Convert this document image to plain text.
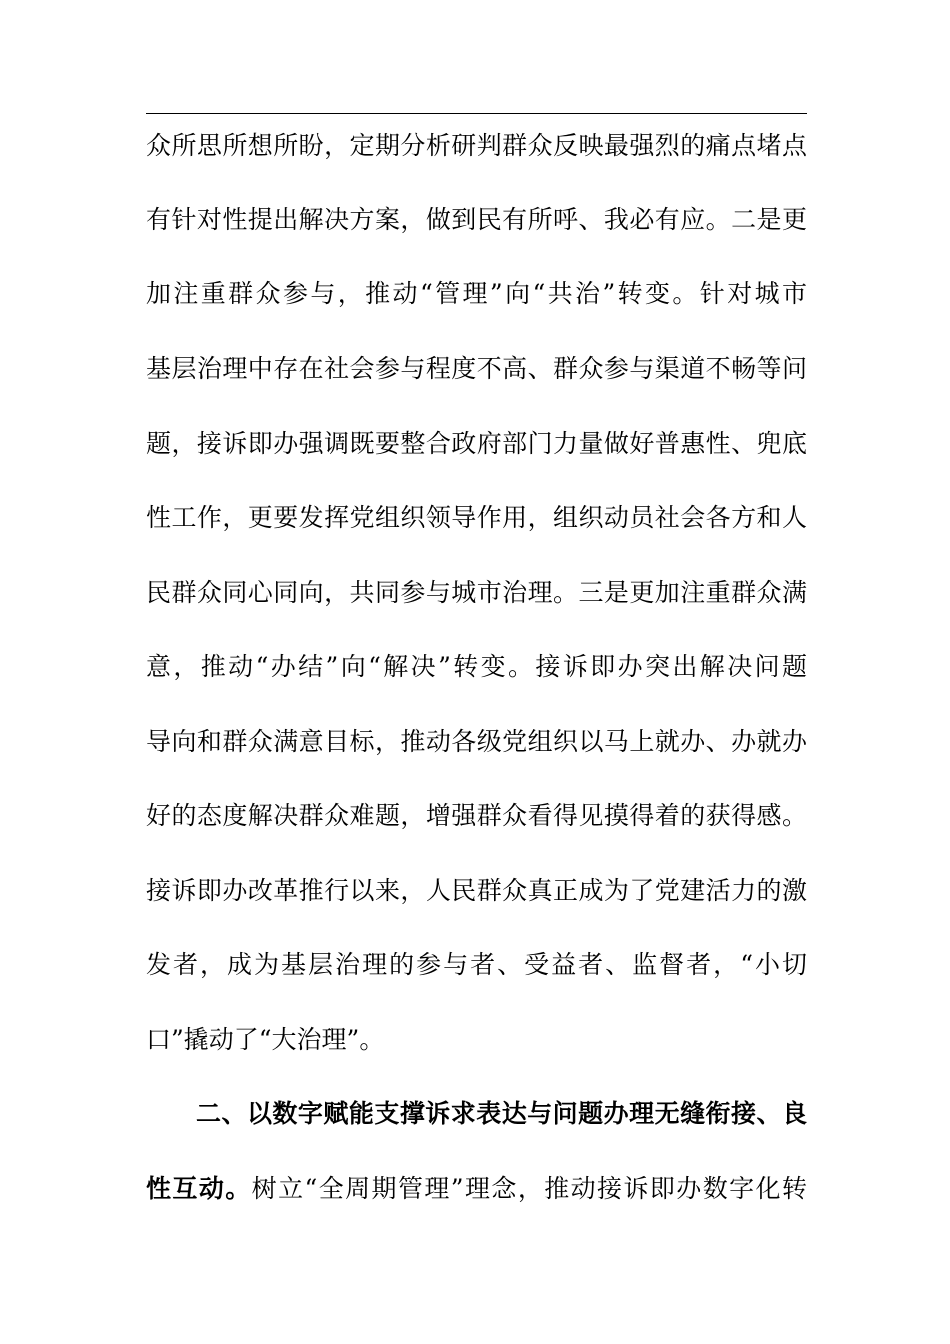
众所思所想所盼，定期分析研判群众反映最强烈的痛点堵点
有针对性提出解决方案，做到民有所呼、我必有应。二是更
加注重群众参与，推动“管理”向“共治”转变。针对城市
基层治理中存在社会参与程度不高、群众参与渠道不畅等问
题，接诉即办强调既要整合政府部门力量做好普惠性、兜底
性工作，更要发挥党组织领导作用，组织动员社会各方和人
民群众同心同向，共同参与城市治理。三是更加注重群众满
意，推动“办结”向“解决”转变。接诉即办突出解决问题
导向和群众满意目标，推动各级党组织以马上就办、办就办
好的态度解决群众难题，增强群众看得见摸得着的获得感。
接诉即办改革推行以来，人民群众真正成为了党建活力的激
发者，成为基层治理的参与者、受益者、监督者，“小切
口”撬动了“大治理”。
二、以数字赋能支撑诉求表达与问题办理无缝衔接、良
性互动。树立“全周期管理”理念，推动接诉即办数字化转
